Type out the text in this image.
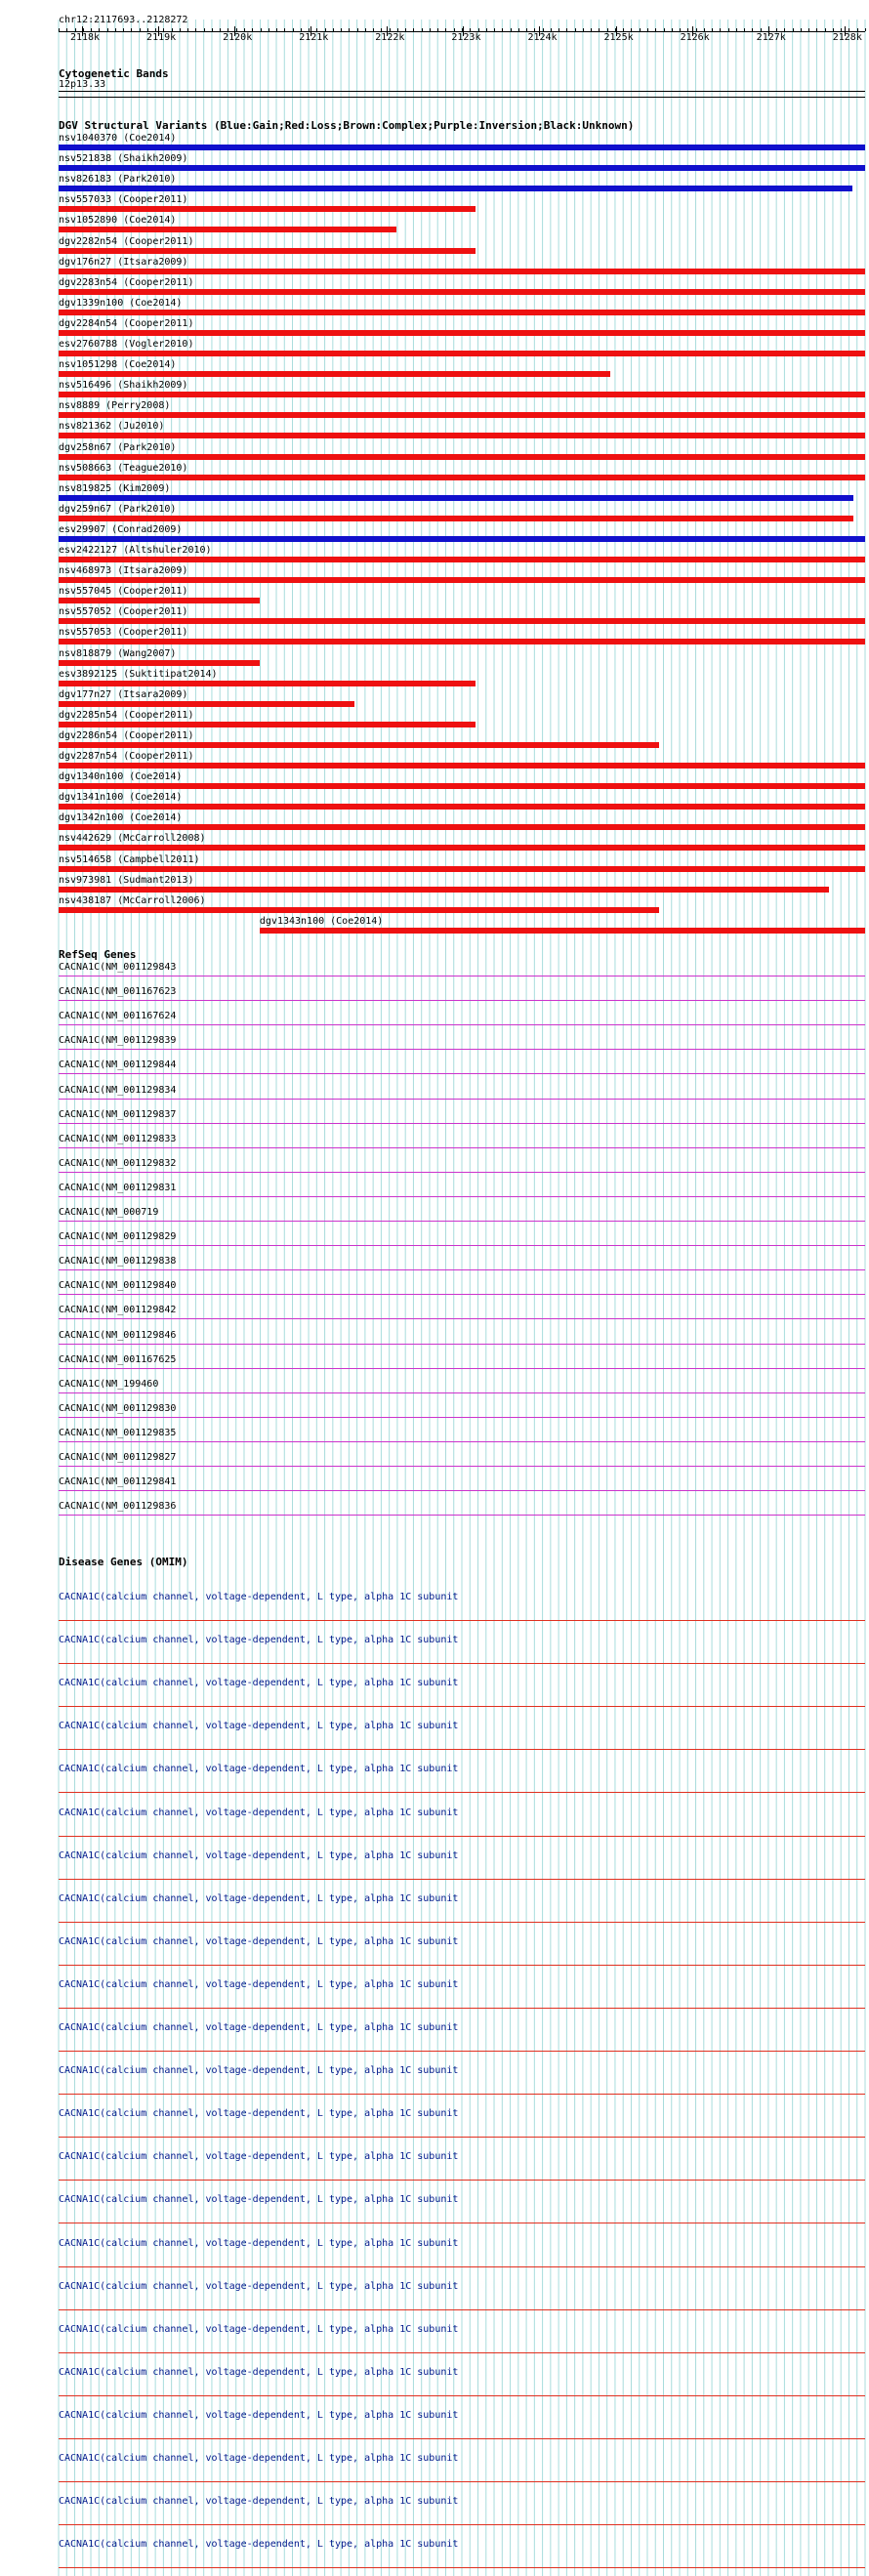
chr12:2117693..2128272
2118k	2119k	2120k	2121k	2122k	2123k	2124k	2125k	2126k	2127k	2128k
Cytogenetic Bands
12p13.33
DGV Structural Variants (Blue:Gain;Red:Loss;Brown:Complex;Purple:Inversion;Black:Unknown)
nsv1040370 (Coe2014)
nsv521838 (Shaikh2009)
nsv826183 (Park2010)
nsv557033 (Cooper2011)
nsv1052890 (Coe2014)
dgv2282n54 (Cooper2011)
dgv176n27 (Itsara2009)
dgv2283n54 (Cooper2011)
dgv1339n100 (Coe2014)
dgv2284n54 (Cooper2011)
esv2760788 (Vogler2010)
nsv1051298 (Coe2014)
nsv516496 (Shaikh2009)
nsv8889 (Perry2008)
nsv821362 (Ju2010)
dgv258n67 (Park2010)
nsv508663 (Teague2010)
nsv819825 (Kim2009)
dgv259n67 (Park2010)
esv29907 (Conrad2009)
esv2422127 (Altshuler2010)
nsv468973 (Itsara2009)
nsv557045 (Cooper2011)
nsv557052 (Cooper2011)
nsv557053 (Cooper2011)
nsv818879 (Wang2007)
esv3892125 (Suktitipat2014)
dgv177n27 (Itsara2009)
dgv2285n54 (Cooper2011)
dgv2286n54 (Cooper2011)
dgv2287n54 (Cooper2011)
dgv1340n100 (Coe2014)
dgv1341n100 (Coe2014)
dgv1342n100 (Coe2014)
nsv442629 (McCarroll2008)
nsv514658 (Campbell2011)
nsv973981 (Sudmant2013)
nsv438187 (McCarroll2006)
dgv1343n100 (Coe2014)
RefSeq Genes
CACNA1C(NM_001129843
CACNA1C(NM_001167623
CACNA1C(NM_001167624
CACNA1C(NM_001129839
CACNA1C(NM_001129844
CACNA1C(NM_001129834
CACNA1C(NM_001129837
CACNA1C(NM_001129833
CACNA1C(NM_001129832
CACNA1C(NM_001129831
CACNA1C(NM_000719
CACNA1C(NM_001129829
CACNA1C(NM_001129838
CACNA1C(NM_001129840
CACNA1C(NM_001129842
CACNA1C(NM_001129846
CACNA1C(NM_001167625
CACNA1C(NM_199460
CACNA1C(NM_001129830
CACNA1C(NM_001129835
CACNA1C(NM_001129827
CACNA1C(NM_001129841
CACNA1C(NM_001129836
Disease Genes (OMIM)
CACNA1C(calcium channel, voltage-dependent, L type, alpha 1C subunit
CACNA1C(calcium channel, voltage-dependent, L type, alpha 1C subunit
CACNA1C(calcium channel, voltage-dependent, L type, alpha 1C subunit
CACNA1C(calcium channel, voltage-dependent, L type, alpha 1C subunit
CACNA1C(calcium channel, voltage-dependent, L type, alpha 1C subunit
CACNA1C(calcium channel, voltage-dependent, L type, alpha 1C subunit
CACNA1C(calcium channel, voltage-dependent, L type, alpha 1C subunit
CACNA1C(calcium channel, voltage-dependent, L type, alpha 1C subunit
CACNA1C(calcium channel, voltage-dependent, L type, alpha 1C subunit
CACNA1C(calcium channel, voltage-dependent, L type, alpha 1C subunit
CACNA1C(calcium channel, voltage-dependent, L type, alpha 1C subunit
CACNA1C(calcium channel, voltage-dependent, L type, alpha 1C subunit
CACNA1C(calcium channel, voltage-dependent, L type, alpha 1C subunit
CACNA1C(calcium channel, voltage-dependent, L type, alpha 1C subunit
CACNA1C(calcium channel, voltage-dependent, L type, alpha 1C subunit
CACNA1C(calcium channel, voltage-dependent, L type, alpha 1C subunit
CACNA1C(calcium channel, voltage-dependent, L type, alpha 1C subunit
CACNA1C(calcium channel, voltage-dependent, L type, alpha 1C subunit
CACNA1C(calcium channel, voltage-dependent, L type, alpha 1C subunit
CACNA1C(calcium channel, voltage-dependent, L type, alpha 1C subunit
CACNA1C(calcium channel, voltage-dependent, L type, alpha 1C subunit
CACNA1C(calcium channel, voltage-dependent, L type, alpha 1C subunit
CACNA1C(calcium channel, voltage-dependent, L type, alpha 1C subunit
